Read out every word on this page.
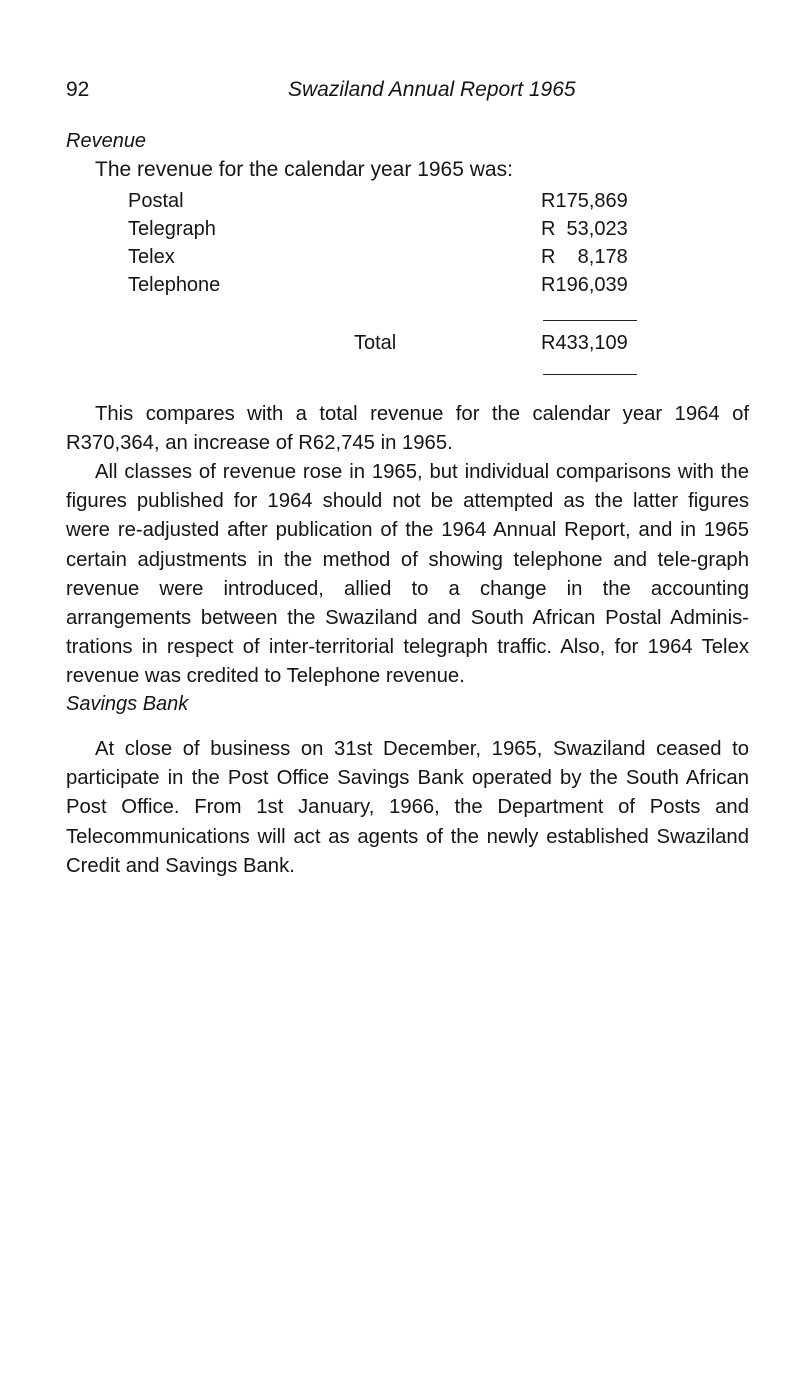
92	Swaziland Annual Report 1965
Revenue
The revenue for the calendar year 1965 was:
Postal	R175,869
Telegraph	R  53,023
Telex	R    8,178
Telephone	R196,039
Total	R433,109

This compares with a total revenue for the calendar year 1964 of R370,364, an increase of R62,745 in 1965.

All classes of revenue rose in 1965, but individual comparisons with the figures published for 1964 should not be attempted as the latter figures were re-adjusted after publication of the 1964 Annual Report, and in 1965 certain adjustments in the method of showing telephone and tele-graph revenue were introduced, allied to a change in the accounting arrangements between the Swaziland and South African Postal Adminis-trations in respect of inter-territorial telegraph traffic. Also, for 1964 Telex revenue was credited to Telephone revenue.

Savings Bank

At close of business on 31st December, 1965, Swaziland ceased to participate in the Post Office Savings Bank operated by the South African Post Office. From 1st January, 1966, the Department of Posts and Telecommunications will act as agents of the newly established Swaziland Credit and Savings Bank.
